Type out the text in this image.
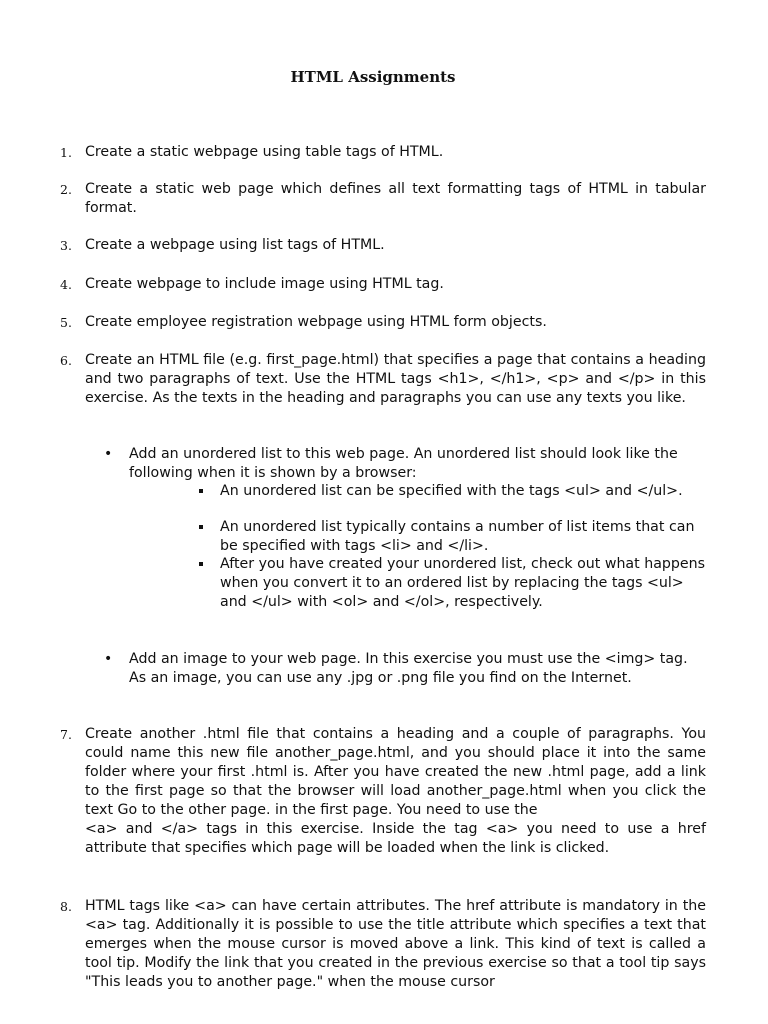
HTML Assignments
1. Create a static webpage using table tags of HTML.
2. Create a static web page which defines all text formatting tags of HTML in tabular format.
3. Create a webpage using list tags of HTML.
4. Create webpage to include image using HTML tag.
5. Create employee registration webpage using HTML form objects.
6. Create an HTML file (e.g. first_page.html) that specifies a page that contains a heading and two paragraphs of text. Use the HTML tags <h1>, </h1>, <p> and </p> in this exercise. As the texts in the heading and paragraphs you can use any texts you like.
• Add an unordered list to this web page. An unordered list should look like the following when it is shown by a browser:
An unordered list can be specified with the tags <ul> and </ul>.
An unordered list typically contains a number of list items that can be specified with tags <li> and </li>.
After you have created your unordered list, check out what happens when you convert it to an ordered list by replacing the tags <ul> and </ul> with <ol> and </ol>, respectively.
• Add an image to your web page. In this exercise you must use the <img> tag. As an image, you can use any .jpg or .png file you find on the Internet.
7. Create another .html file that contains a heading and a couple of paragraphs. You could name this new file another_page.html, and you should place it into the same folder where your first .html is. After you have created the new .html page, add a link to the first page so that the browser will load another_page.html when you click the text Go to the other page. in the first page. You need to use the
<a> and </a> tags in this exercise. Inside the tag <a> you need to use a href attribute that specifies which page will be loaded when the link is clicked.
8. HTML tags like <a> can have certain attributes. The href attribute is mandatory in the <a> tag. Additionally it is possible to use the title attribute which specifies a text that emerges when the mouse cursor is moved above a link. This kind of text is called a tool tip. Modify the link that you created in the previous exercise so that a tool tip says "This leads you to another page." when the mouse cursor
